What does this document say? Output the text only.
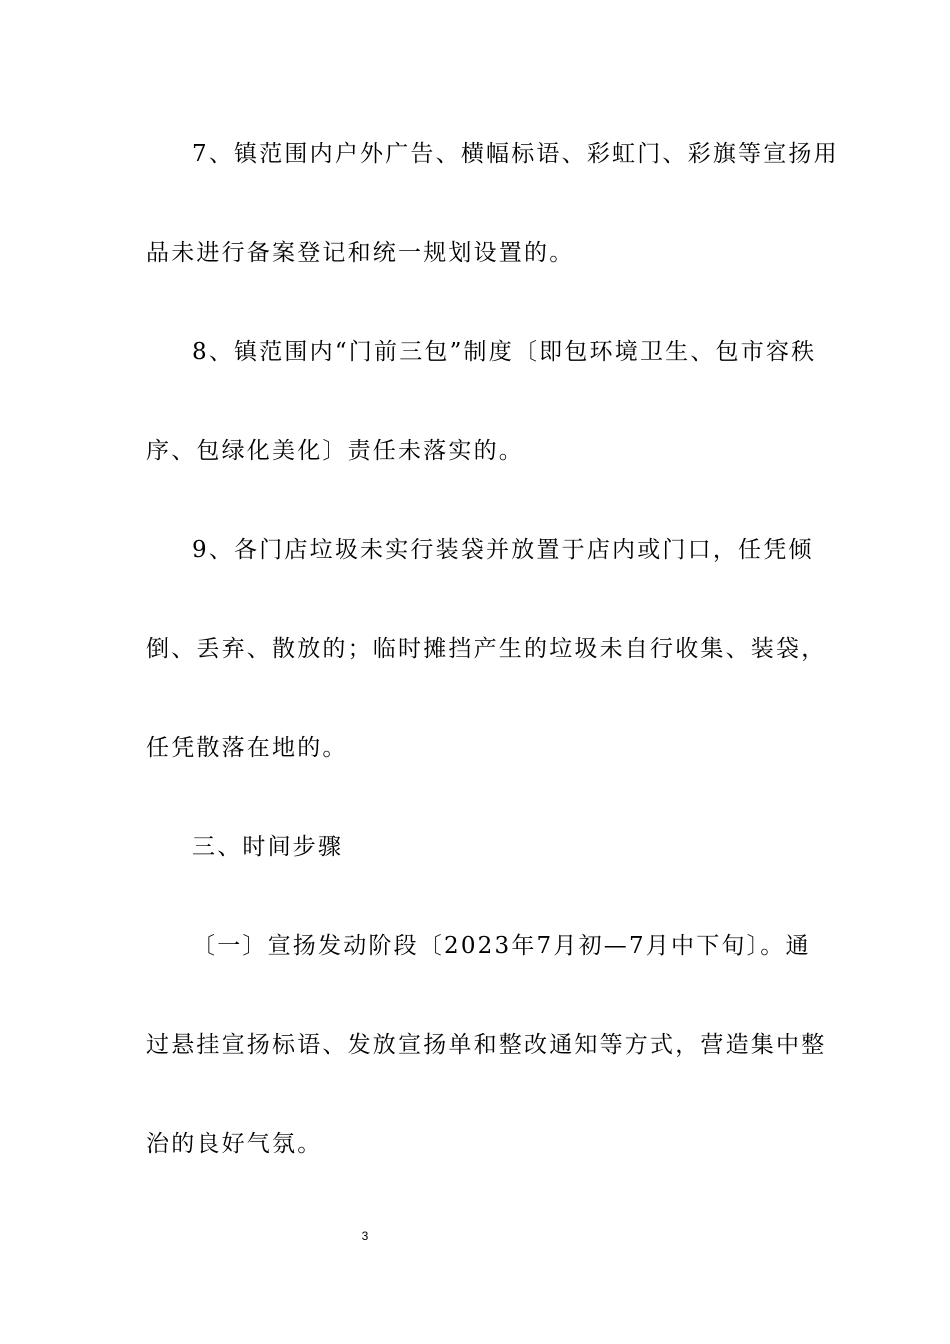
7、镇范围内户外广告、横幅标语、彩虹门、彩旗等宣扬用
品未进行备案登记和统一规划设置的。
8、镇范围内“门前三包”制度〔即包环境卫生、包市容秩
序、包绿化美化〕责任未落实的。
9、各门店垃圾未实行装袋并放置于店内或门口，任凭倾
倒、丢弃、散放的；临时摊挡产生的垃圾未自行收集、装袋，
任凭散落在地的。
三、时间步骤
〔一〕宣扬发动阶段〔2023年7月初—7月中下旬〕。通
过悬挂宣扬标语、发放宣扬单和整改通知等方式，营造集中整
治的良好气氛。
3
